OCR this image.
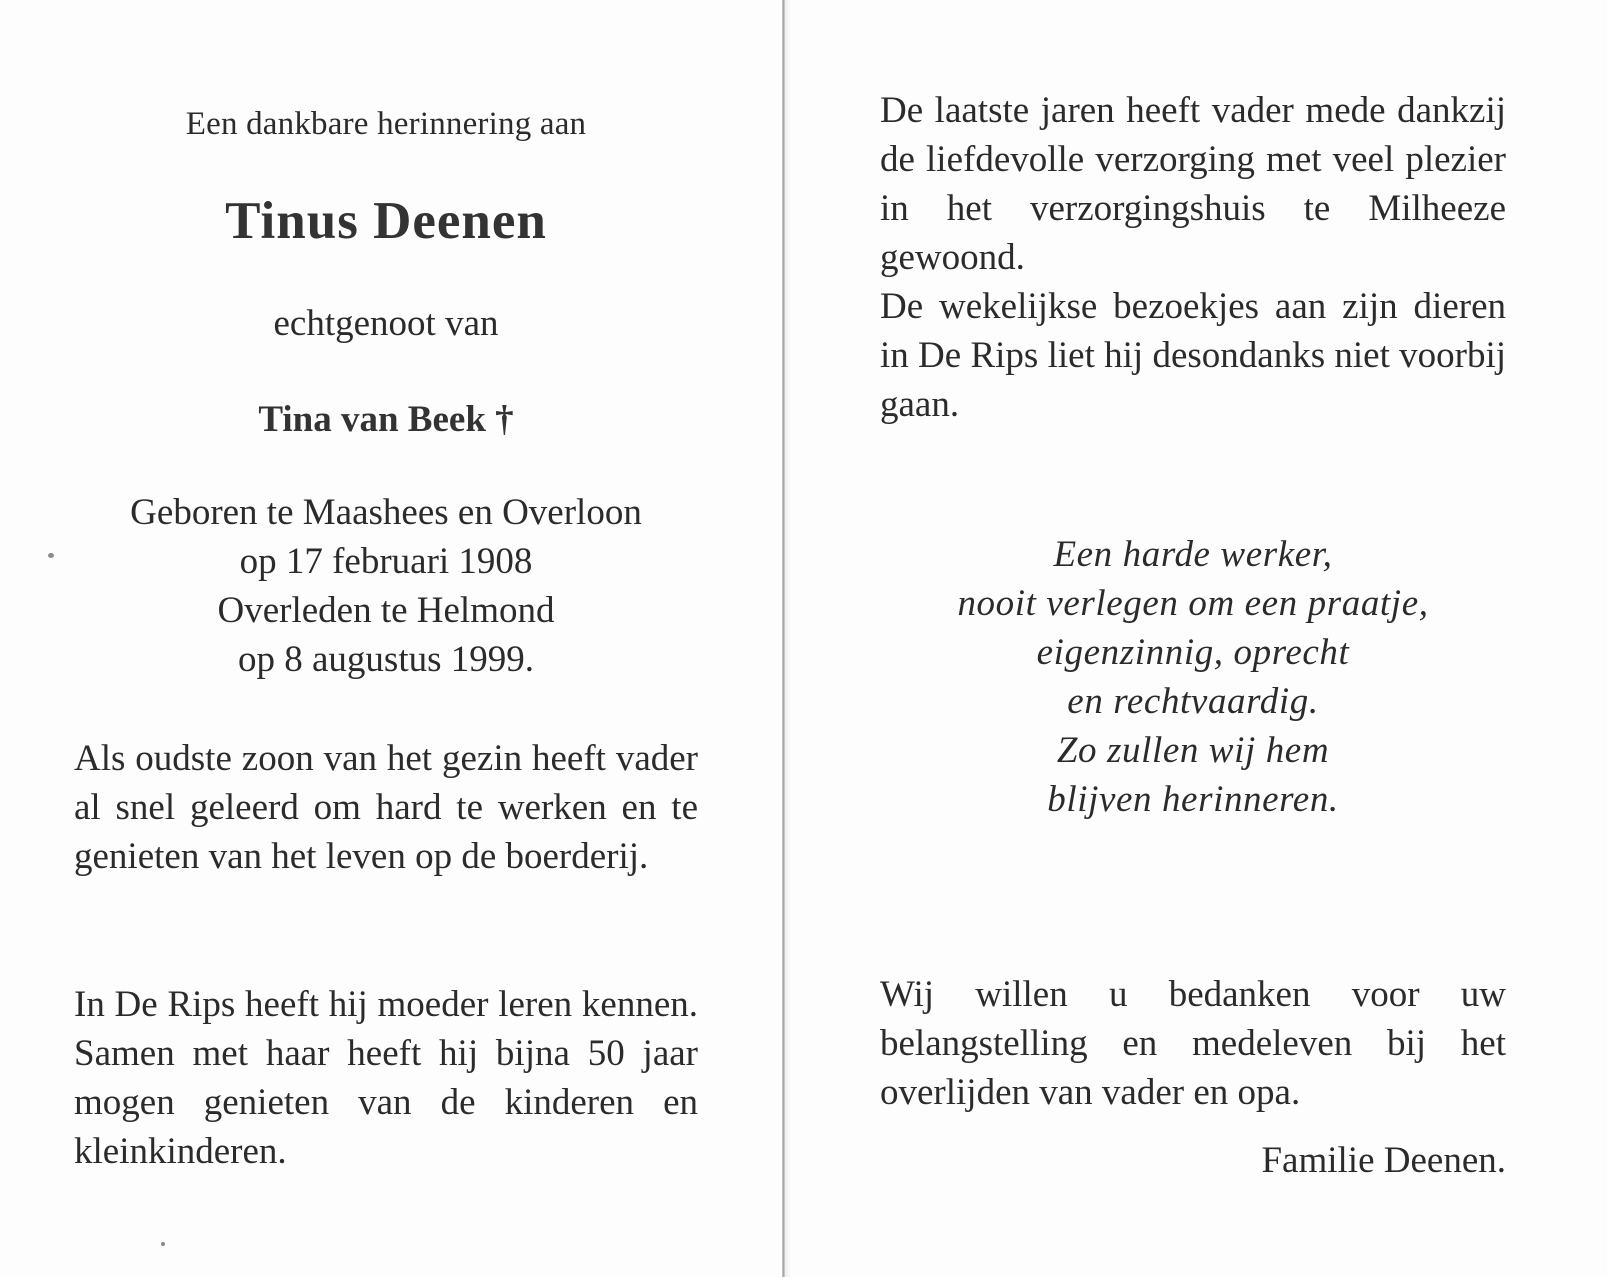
Een dankbare herinnering aan
Tinus Deenen
echtgenoot van
Tina van Beek †
Geboren te Maashees en Overloon
op 17 februari 1908
Overleden te Helmond
op 8 augustus 1999.

Als oudste zoon van het gezin heeft vader al snel geleerd om hard te werken en te genieten van het leven op de boerderij.

In De Rips heeft hij moeder leren kennen. Samen met haar heeft hij bijna 50 jaar mogen genieten van de kinderen en kleinkinderen.

De laatste jaren heeft vader mede dankzij de liefdevolle verzorging met veel plezier in het verzorgingshuis te Milheeze gewoond.
De wekelijkse bezoekjes aan zijn dieren in De Rips liet hij desondanks niet voorbij gaan.

Een harde werker,
nooit verlegen om een praatje,
eigenzinnig, oprecht
en rechtvaardig.
Zo zullen wij hem
blijven herinneren.

Wij willen u bedanken voor uw belangstelling en medeleven bij het overlijden van vader en opa.

Familie Deenen.
